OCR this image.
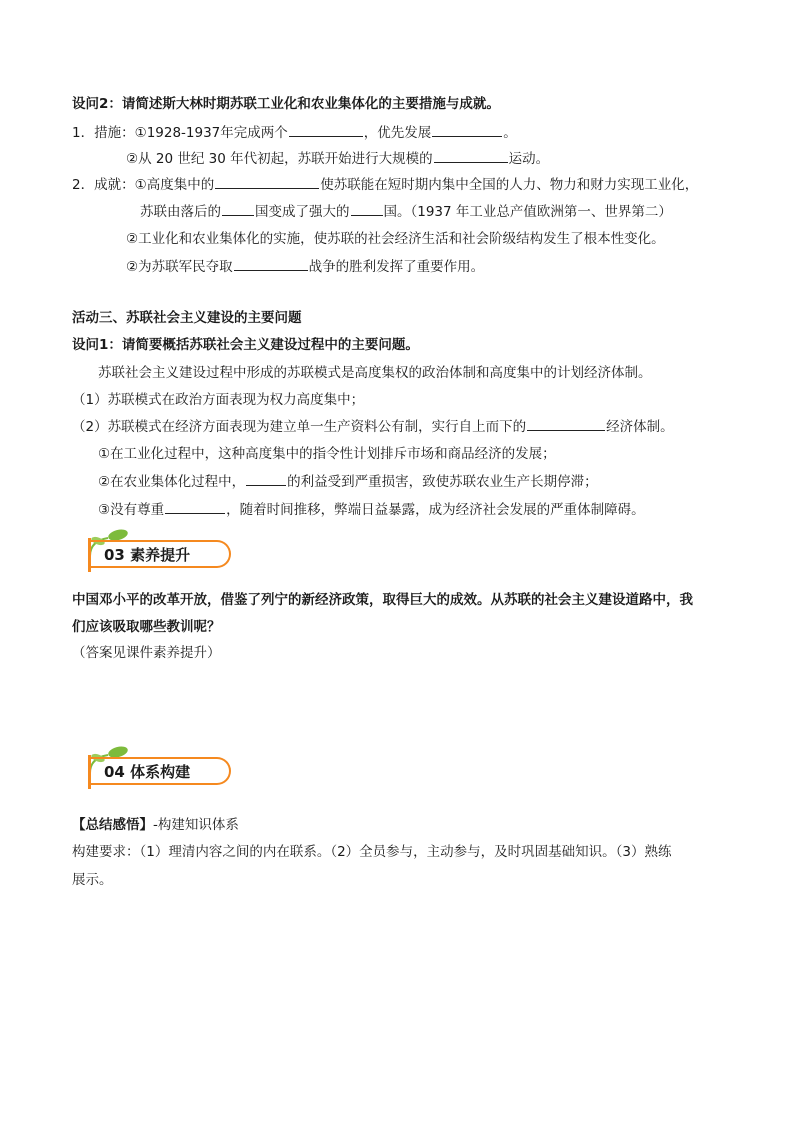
设问2：请简述斯大林时期苏联工业化和农业集体化的主要措施与成就。
1．措施：①1928-1937年完成两个	，优先发展	。
②从 20 世纪 30 年代初起，苏联开始进行大规模的	运动。
2．成就：①高度集中的	使苏联能在短时期内集中全国的人力、物力和财力实现工业化，
苏联由落后的	国变成了强大的	国。（1937 年工业总产值欧洲第一、世界第二）
②工业化和农业集体化的实施，使苏联的社会经济生活和社会阶级结构发生了根本性变化。
②为苏联军民夺取	战争的胜利发挥了重要作用。
活动三、苏联社会主义建设的主要问题
设问1：请简要概括苏联社会主义建设过程中的主要问题。
苏联社会主义建设过程中形成的苏联模式是高度集权的政治体制和高度集中的计划经济体制。
（1）苏联模式在政治方面表现为权力高度集中；
（2）苏联模式在经济方面表现为建立单一生产资料公有制，实行自上而下的	经济体制。
①在工业化过程中，这种高度集中的指令性计划排斥市场和商品经济的发展；
②在农业集体化过程中，	的利益受到严重损害，致使苏联农业生产长期停滞；
③没有尊重	，随着时间推移，弊端日益暴露，成为经济社会发展的严重体制障碍。
03 素养提升
中国邓小平的改革开放，借鉴了列宁的新经济政策，取得巨大的成效。从苏联的社会主义建设道路中，我
们应该吸取哪些教训呢？
（答案见课件素养提升）
04 体系构建
【总结感悟】-构建知识体系
构建要求：（1）理清内容之间的内在联系。（2）全员参与，主动参与，及时巩固基础知识。（3）熟练
展示。
